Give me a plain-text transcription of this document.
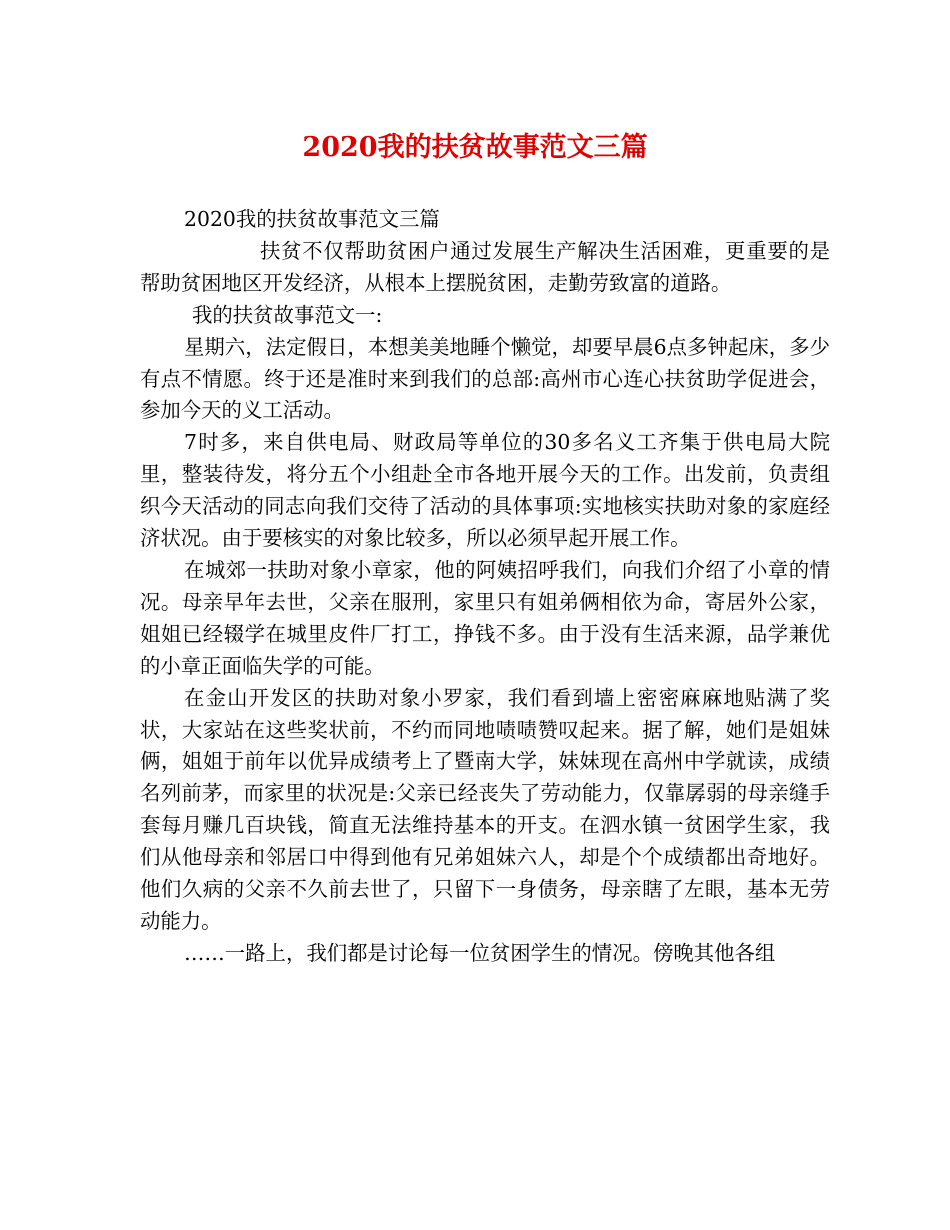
2020我的扶贫故事范文三篇

2020我的扶贫故事范文三篇

扶贫不仅帮助贫困户通过发展生产解决生活困难，更重要的是帮助贫困地区开发经济，从根本上摆脱贫困，走勤劳致富的道路。

我的扶贫故事范文一:

星期六，法定假日，本想美美地睡个懒觉，却要早晨6点多钟起床，多少有点不情愿。终于还是准时来到我们的总部:高州市心连心扶贫助学促进会，参加今天的义工活动。

7时多，来自供电局、财政局等单位的30多名义工齐集于供电局大院里，整装待发，将分五个小组赴全市各地开展今天的工作。出发前，负责组织今天活动的同志向我们交待了活动的具体事项:实地核实扶助对象的家庭经济状况。由于要核实的对象比较多，所以必须早起开展工作。

在城郊一扶助对象小章家，他的阿姨招呼我们，向我们介绍了小章的情况。母亲早年去世，父亲在服刑，家里只有姐弟俩相依为命，寄居外公家，姐姐已经辍学在城里皮件厂打工，挣钱不多。由于没有生活来源，品学兼优的小章正面临失学的可能。

在金山开发区的扶助对象小罗家，我们看到墙上密密麻麻地贴满了奖状，大家站在这些奖状前，不约而同地啧啧赞叹起来。据了解，她们是姐妹俩，姐姐于前年以优异成绩考上了暨南大学，妹妹现在高州中学就读，成绩名列前茅，而家里的状况是:父亲已经丧失了劳动能力，仅靠孱弱的母亲缝手套每月赚几百块钱，简直无法维持基本的开支。在泗水镇一贫困学生家，我们从他母亲和邻居口中得到他有兄弟姐妹六人，却是个个成绩都出奇地好。他们久病的父亲不久前去世了，只留下一身债务，母亲瞎了左眼，基本无劳动能力。

……一路上，我们都是讨论每一位贫困学生的情况。傍晚其他各组
